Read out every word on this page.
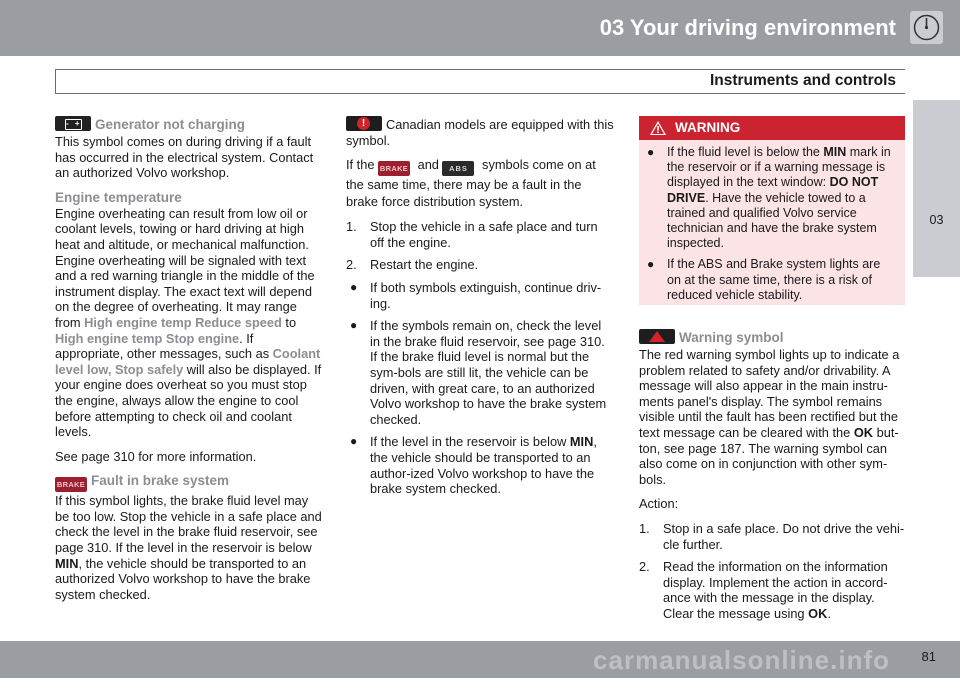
03 Your driving environment
Instruments and controls
03
- +Generator not charging
This symbol comes on during driving if a fault has occurred in the electrical system. Contact an authorized Volvo workshop.
Engine temperature
Engine overheating can result from low oil or coolant levels, towing or hard driving at high heat and altitude, or mechanical malfunction. Engine overheating will be signaled with text and a red warning triangle in the middle of the instrument display. The exact text will depend on the degree of overheating. It may range from High engine temp Reduce speed to High engine temp Stop engine. If appropriate, other messages, such as Coolant level low, Stop safely will also be displayed. If your engine does overheat so you must stop the engine, always allow the engine to cool before attempting to check oil and coolant levels.
See page 310 for more information.
BRAKE Fault in brake system
If this symbol lights, the brake fluid level may be too low. Stop the vehicle in a safe place and check the level in the brake fluid reservoir, see page 310. If the level in the reservoir is below MIN, the vehicle should be transported to an authorized Volvo workshop to have the brake system checked.
!Canadian models are equipped with this symbol.
If the BRAKE and ABS symbols come on at the same time, there may be a fault in the brake force distribution system.
1. Stop the vehicle in a safe place and turn off the engine.
2. Restart the engine.
● If both symbols extinguish, continue driv-ing.
● If the symbols remain on, check the level in the brake fluid reservoir, see page 310. If the brake fluid level is normal but the sym-bols are still lit, the vehicle can be driven, with great care, to an authorized Volvo workshop to have the brake system checked.
● If the level in the reservoir is below MIN, the vehicle should be transported to an author-ized Volvo workshop to have the brake system checked.
WARNING
● If the fluid level is below the MIN mark in the reservoir or if a warning message is displayed in the text window: DO NOT DRIVE. Have the vehicle towed to a trained and qualified Volvo service technician and have the brake system inspected.
● If the ABS and Brake system lights are on at the same time, there is a risk of reduced vehicle stability.
Warning symbol
The red warning symbol lights up to indicate a problem related to safety and/or drivability. A message will also appear in the main instru-ments panel's display. The symbol remains visible until the fault has been rectified but the text message can be cleared with the OK but-ton, see page 187. The warning symbol can also come on in conjunction with other sym-bols.
Action:
1. Stop in a safe place. Do not drive the vehi-cle further.
2. Read the information on the information display. Implement the action in accord-ance with the message in the display. Clear the message using OK.
carmanualsonline.info 81
